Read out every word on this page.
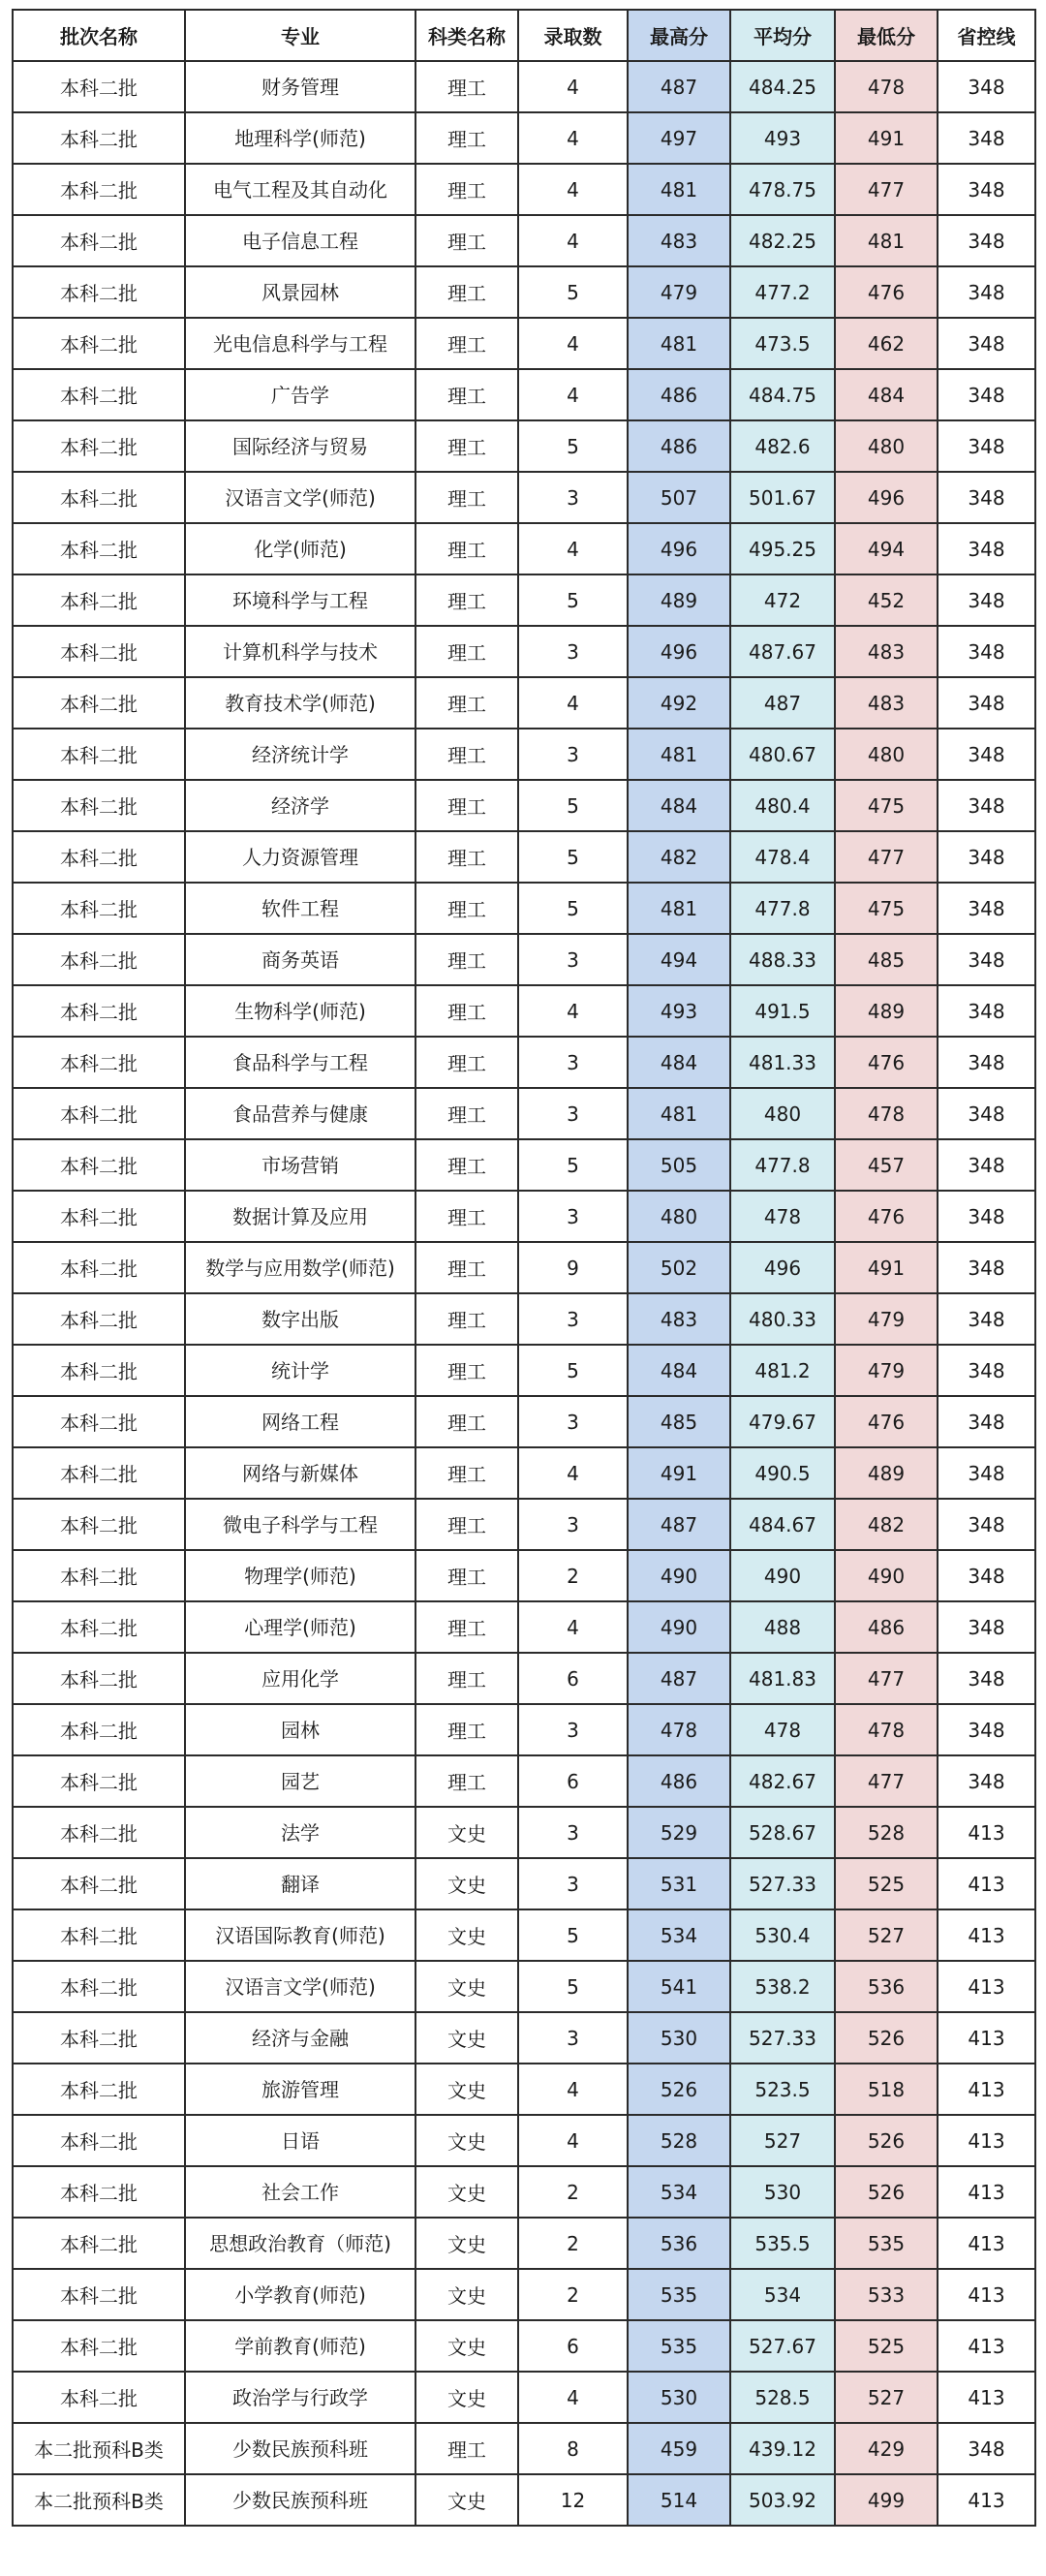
批次名称	专业	科类名称	录取数	最高分	平均分	最低分	省控线
本科二批	财务管理	理工	4	487	484.25	478	348
本科二批	地理科学(师范)	理工	4	497	493	491	348
本科二批	电气工程及其自动化	理工	4	481	478.75	477	348
本科二批	电子信息工程	理工	4	483	482.25	481	348
本科二批	风景园林	理工	5	479	477.2	476	348
本科二批	光电信息科学与工程	理工	4	481	473.5	462	348
本科二批	广告学	理工	4	486	484.75	484	348
本科二批	国际经济与贸易	理工	5	486	482.6	480	348
本科二批	汉语言文学(师范)	理工	3	507	501.67	496	348
本科二批	化学(师范)	理工	4	496	495.25	494	348
本科二批	环境科学与工程	理工	5	489	472	452	348
本科二批	计算机科学与技术	理工	3	496	487.67	483	348
本科二批	教育技术学(师范)	理工	4	492	487	483	348
本科二批	经济统计学	理工	3	481	480.67	480	348
本科二批	经济学	理工	5	484	480.4	475	348
本科二批	人力资源管理	理工	5	482	478.4	477	348
本科二批	软件工程	理工	5	481	477.8	475	348
本科二批	商务英语	理工	3	494	488.33	485	348
本科二批	生物科学(师范)	理工	4	493	491.5	489	348
本科二批	食品科学与工程	理工	3	484	481.33	476	348
本科二批	食品营养与健康	理工	3	481	480	478	348
本科二批	市场营销	理工	5	505	477.8	457	348
本科二批	数据计算及应用	理工	3	480	478	476	348
本科二批	数学与应用数学(师范)	理工	9	502	496	491	348
本科二批	数字出版	理工	3	483	480.33	479	348
本科二批	统计学	理工	5	484	481.2	479	348
本科二批	网络工程	理工	3	485	479.67	476	348
本科二批	网络与新媒体	理工	4	491	490.5	489	348
本科二批	微电子科学与工程	理工	3	487	484.67	482	348
本科二批	物理学(师范)	理工	2	490	490	490	348
本科二批	心理学(师范)	理工	4	490	488	486	348
本科二批	应用化学	理工	6	487	481.83	477	348
本科二批	园林	理工	3	478	478	478	348
本科二批	园艺	理工	6	486	482.67	477	348
本科二批	法学	文史	3	529	528.67	528	413
本科二批	翻译	文史	3	531	527.33	525	413
本科二批	汉语国际教育(师范)	文史	5	534	530.4	527	413
本科二批	汉语言文学(师范)	文史	5	541	538.2	536	413
本科二批	经济与金融	文史	3	530	527.33	526	413
本科二批	旅游管理	文史	4	526	523.5	518	413
本科二批	日语	文史	4	528	527	526	413
本科二批	社会工作	文史	2	534	530	526	413
本科二批	思想政治教育（师范)	文史	2	536	535.5	535	413
本科二批	小学教育(师范)	文史	2	535	534	533	413
本科二批	学前教育(师范)	文史	6	535	527.67	525	413
本科二批	政治学与行政学	文史	4	530	528.5	527	413
本二批预科B类	少数民族预科班	理工	8	459	439.12	429	348
本二批预科B类	少数民族预科班	文史	12	514	503.92	499	413
